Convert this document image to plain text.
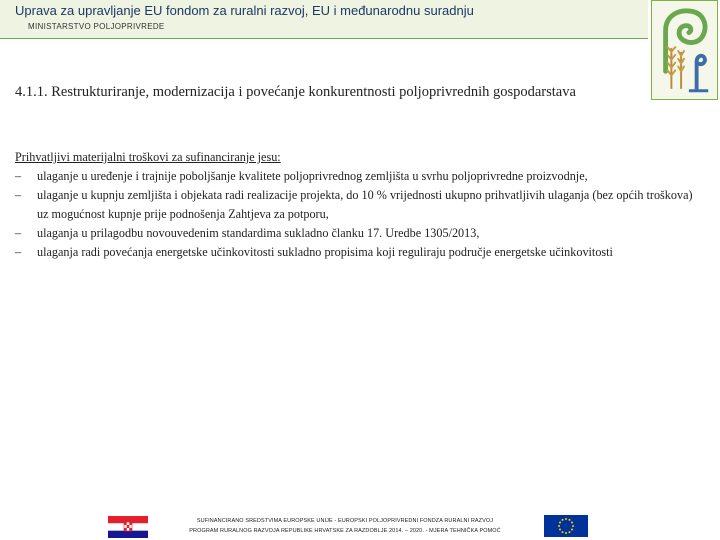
Uprava za upravljanje EU fondom za ruralni razvoj, EU i međunarodnu suradnju
MINISTARSTVO POLJOPRIVREDE
4.1.1. Restrukturiranje, modernizacija i povećanje konkurentnosti poljoprivrednih gospodarstava
Prihvatljivi materijalni troškovi za sufinanciranje jesu:
– ulaganje u uređenje i trajnije poboljšanje kvalitete poljoprivrednog zemljišta u svrhu poljoprivredne proizvodnje,
– ulaganje u kupnju zemljišta i objekata radi realizacije projekta, do 10 % vrijednosti ukupno prihvatljivih ulaganja (bez općih troškova) uz mogućnost kupnje prije podnošenja Zahtjeva za potporu,
– ulaganja u prilagodbu novouvedenim standardima sukladno članku 17. Uredbe 1305/2013,
– ulaganja radi povećanja energetske učinkovitosti sukladno propisima koji reguliraju područje energetske učinkovitosti
SUFINANCIRANO SREDSTVIMA EUROPSKE UNIJE - EUROPSKI POLJOPRIVREDNI FONDZA RURALNI RAZVOJ
PROGRAM RURALNOG RAZVOJA REPUBLIKE HRVATSKE ZA RAZDOBLJE 2014. – 2020. - MJERA TEHNIČKA POMOĆ
